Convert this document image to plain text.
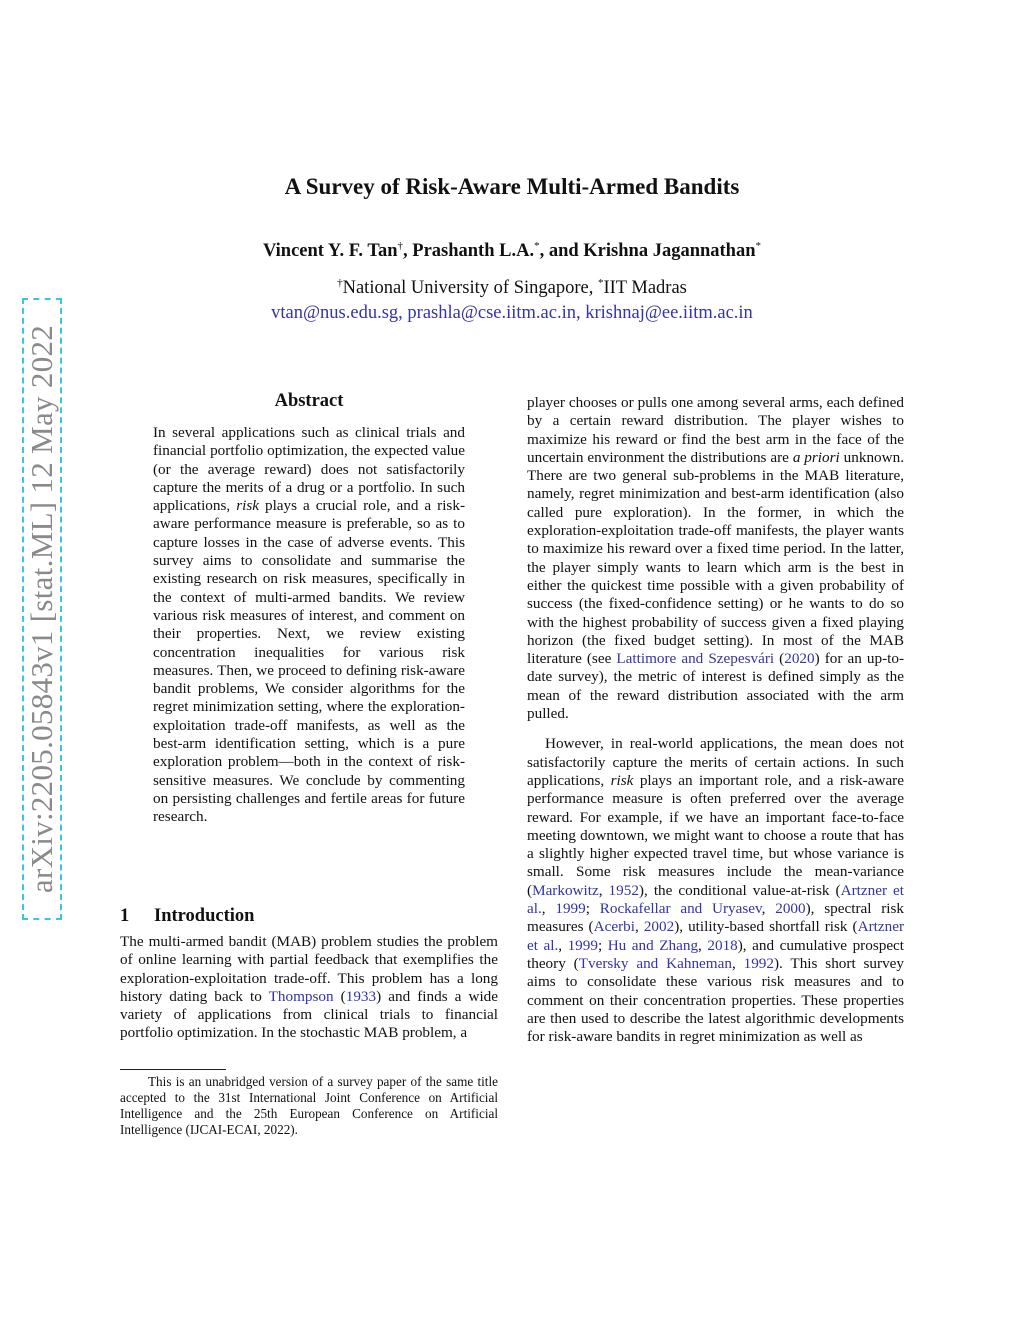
arXiv:2205.05843v1 [stat.ML] 12 May 2022
A Survey of Risk-Aware Multi-Armed Bandits
Vincent Y. F. Tan†, Prashanth L.A.*, and Krishna Jagannathan*
†National University of Singapore, *IIT Madras
vtan@nus.edu.sg, prashla@cse.iitm.ac.in, krishnaj@ee.iitm.ac.in
Abstract

In several applications such as clinical trials and financial portfolio optimization, the expected value (or the average reward) does not satisfactorily capture the merits of a drug or a portfolio. In such applications, risk plays a crucial role, and a risk-aware performance measure is preferable, so as to capture losses in the case of adverse events. This survey aims to consolidate and summarise the existing research on risk measures, specifically in the context of multi-armed bandits. We review various risk measures of interest, and comment on their properties. Next, we review existing concentration inequalities for various risk measures. Then, we proceed to defining risk-aware bandit problems, We consider algorithms for the regret minimization setting, where the exploration-exploitation trade-off manifests, as well as the best-arm identification setting, which is a pure exploration problem—both in the context of risk-sensitive measures. We conclude by commenting on persisting challenges and fertile areas for future research.

1 Introduction

The multi-armed bandit (MAB) problem studies the problem of online learning with partial feedback that exemplifies the exploration-exploitation trade-off. This problem has a long history dating back to Thompson (1933) and finds a wide variety of applications from clinical trials to financial portfolio optimization. In the stochastic MAB problem, a

This is an unabridged version of a survey paper of the same title accepted to the 31st International Joint Conference on Artificial Intelligence and the 25th European Conference on Artificial Intelligence (IJCAI-ECAI, 2022).

player chooses or pulls one among several arms, each defined by a certain reward distribution. The player wishes to maximize his reward or find the best arm in the face of the uncertain environment the distributions are a priori unknown. There are two general sub-problems in the MAB literature, namely, regret minimization and best-arm identification (also called pure exploration). In the former, in which the exploration-exploitation trade-off manifests, the player wants to maximize his reward over a fixed time period. In the latter, the player simply wants to learn which arm is the best in either the quickest time possible with a given probability of success (the fixed-confidence setting) or he wants to do so with the highest probability of success given a fixed playing horizon (the fixed budget setting). In most of the MAB literature (see Lattimore and Szepesvári (2020) for an up-to-date survey), the metric of interest is defined simply as the mean of the reward distribution associated with the arm pulled.

However, in real-world applications, the mean does not satisfactorily capture the merits of certain actions. In such applications, risk plays an important role, and a risk-aware performance measure is often preferred over the average reward. For example, if we have an important face-to-face meeting downtown, we might want to choose a route that has a slightly higher expected travel time, but whose variance is small. Some risk measures include the mean-variance (Markowitz, 1952), the conditional value-at-risk (Artzner et al., 1999; Rockafellar and Uryasev, 2000), spectral risk measures (Acerbi, 2002), utility-based shortfall risk (Artzner et al., 1999; Hu and Zhang, 2018), and cumulative prospect theory (Tversky and Kahneman, 1992). This short survey aims to consolidate these various risk measures and to comment on their concentration properties. These properties are then used to describe the latest algorithmic developments for risk-aware bandits in regret minimization as well as
